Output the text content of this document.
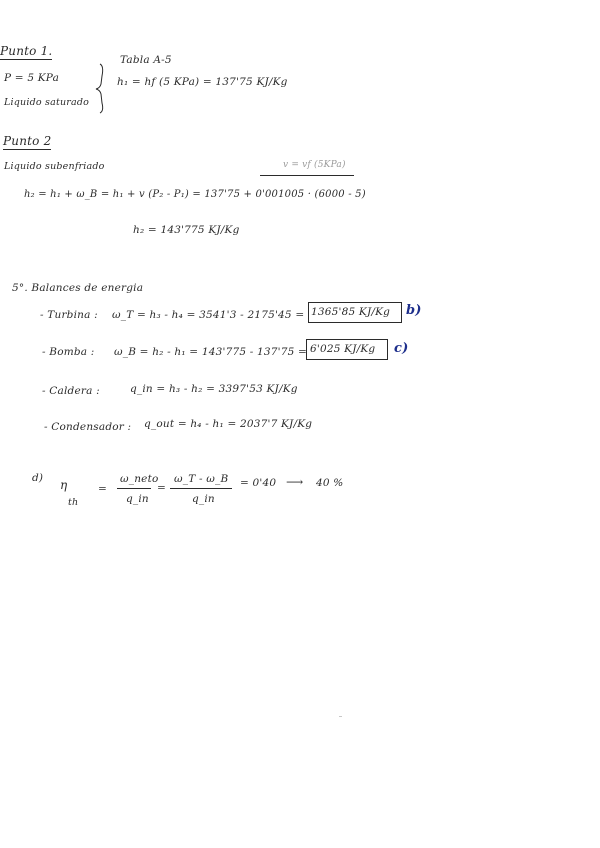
Punto 1.
P = 5 KPa
Liquido saturado
Tabla A-5
h₁ = hf (5 KPa) = 137'75 KJ/Kg
Punto 2
Liquido subenfriado	v = vf (5KPa)
h₂ = h₁ + ω_B = h₁ + v (P₂ - P₁) = 137'75 + 0'001005 · (6000 - 5)
h₂ = 143'775 KJ/Kg
5°. Balances de energia
- Turbina : ω_T = h₃ - h₄ = 3541'3 - 2175'45 = 1365'85 KJ/Kg b)
- Bomba : ω_B = h₂ - h₁ = 143'775 - 137'75 = 6'025 KJ/Kg c)
- Caldera :	q_in = h₃ - h₂ = 3397'53 KJ/Kg
- Condensador : q_out = h₄ - h₁ = 2037'7 KJ/Kg
d) η
th
=
ω_neto
q_in
=
ω_T - ω_B
q_in
= 0'40 ⟶ 40 %
